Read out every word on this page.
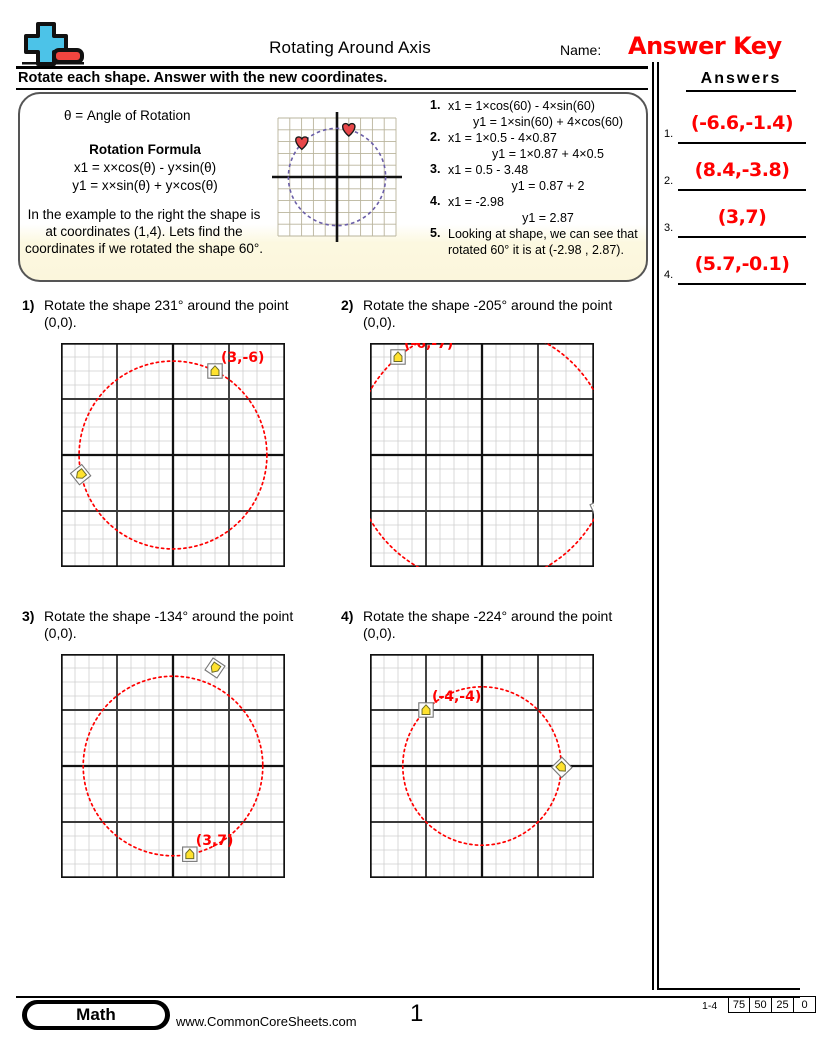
Rotating Around Axis	Name: Answer Key
Rotate each shape. Answer with the new coordinates.	Answers
1. (-6.6,-1.4)
2.	(8.4,-3.8)
3.	(3,7)
4.	(5.7,-0.1)
θ = Angle of Rotation
Rotation Formula
x1 = x×cos(θ) - y×sin(θ)
y1 = x×sin(θ) + y×cos(θ)
In the example to the right the shape is at coordinates (1,4). Lets find the coordinates if we rotated the shape 60°.
1. x1 = 1×cos(60) - 4×sin(60)
y1 = 1×sin(60) + 4×cos(60)
2. x1 = 1×0.5 - 4×0.87
y1 = 1×0.87 + 4×0.5
3. x1 = 0.5 - 3.48
y1 = 0.87 + 2
4. x1 = -2.98
y1 = 2.87
5. Looking at shape, we can see that rotated 60° it is at (-2.98 , 2.87).
1) Rotate the shape 231° around the point (0,0).
(3,-6)
2) Rotate the shape -205° around the point (0,0).
(-6,-7)
3) Rotate the shape -134° around the point (0,0).
(3,7)
4) Rotate the shape -224° around the point (0,0).
(-4,-4)
Math	www.CommonCoreSheets.com 1	1-4	75 50 25	0
